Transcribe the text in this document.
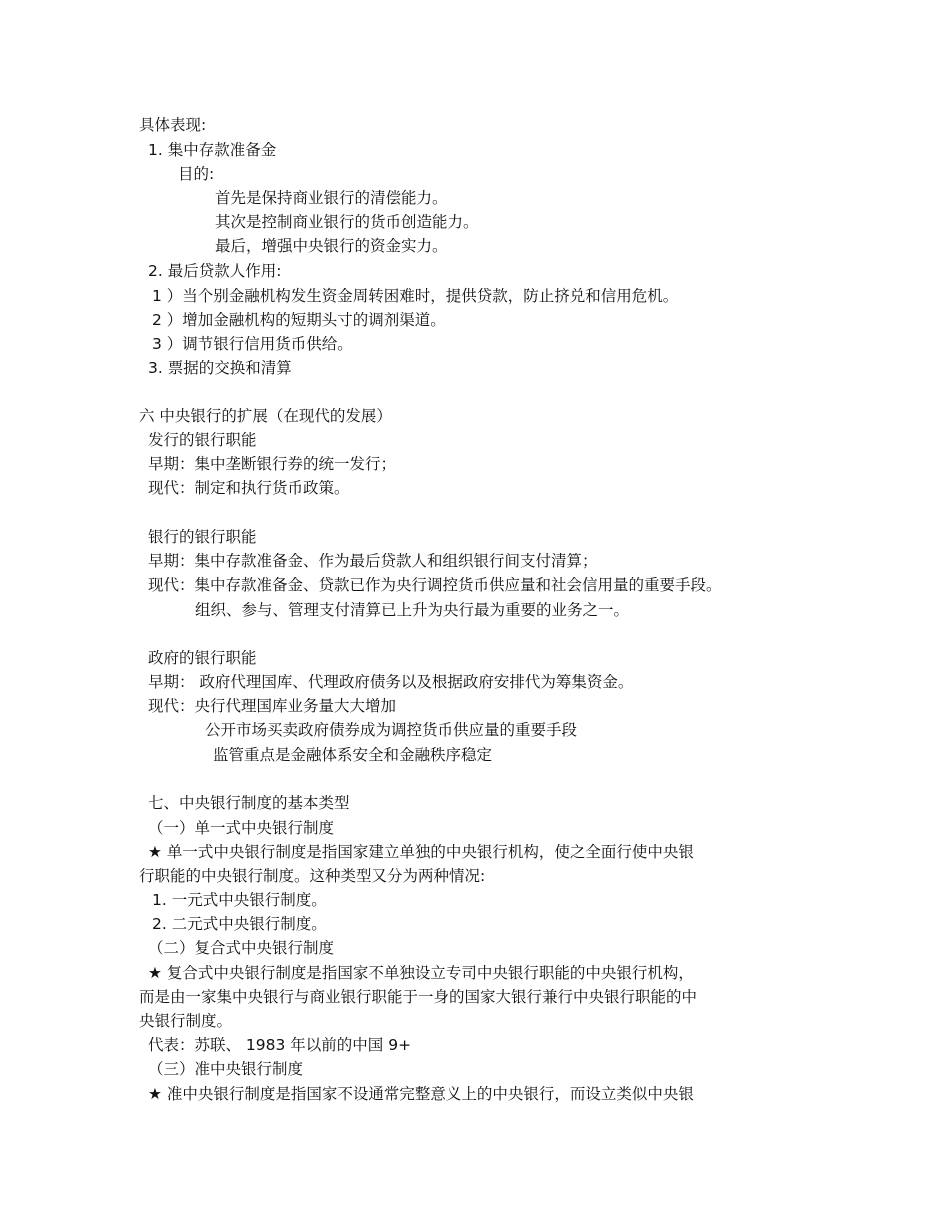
具体表现:
1. 集中存款准备金
目的:
首先是保持商业银行的清偿能力。
其次是控制商业银行的货币创造能力。
最后，增强中央银行的资金实力。
2. 最后贷款人作用:
1 ）当个别金融机构发生资金周转困难时，提供贷款，防止挤兑和信用危机。
2 ）增加金融机构的短期头寸的调剂渠道。
3 ）调节银行信用货币供给。
3. 票据的交换和清算
六 中央银行的扩展（在现代的发展）
发行的银行职能
早期：集中垄断银行券的统一发行；
现代：制定和执行货币政策。
银行的银行职能
早期：集中存款准备金、作为最后贷款人和组织银行间支付清算；
现代：集中存款准备金、贷款已作为央行调控货币供应量和社会信用量的重要手段。
组织、参与、管理支付清算已上升为央行最为重要的业务之一。
政府的银行职能
早期： 政府代理国库、代理政府债务以及根据政府安排代为筹集资金。
现代：央行代理国库业务量大大增加
公开市场买卖政府债券成为调控货币供应量的重要手段
监管重点是金融体系安全和金融秩序稳定
七、中央银行制度的基本类型
（一）单一式中央银行制度
★ 单一式中央银行制度是指国家建立单独的中央银行机构，使之全面行使中央银
行职能的中央银行制度。这种类型又分为两种情况:
1. 一元式中央银行制度。
2. 二元式中央银行制度。
（二）复合式中央银行制度
★ 复合式中央银行制度是指国家不单独设立专司中央银行职能的中央银行机构，
而是由一家集中央银行与商业银行职能于一身的国家大银行兼行中央银行职能的中
央银行制度。
代表：苏联、 1983 年以前的中国 9+
（三）准中央银行制度
★ 准中央银行制度是指国家不设通常完整意义上的中央银行，而设立类似中央银
